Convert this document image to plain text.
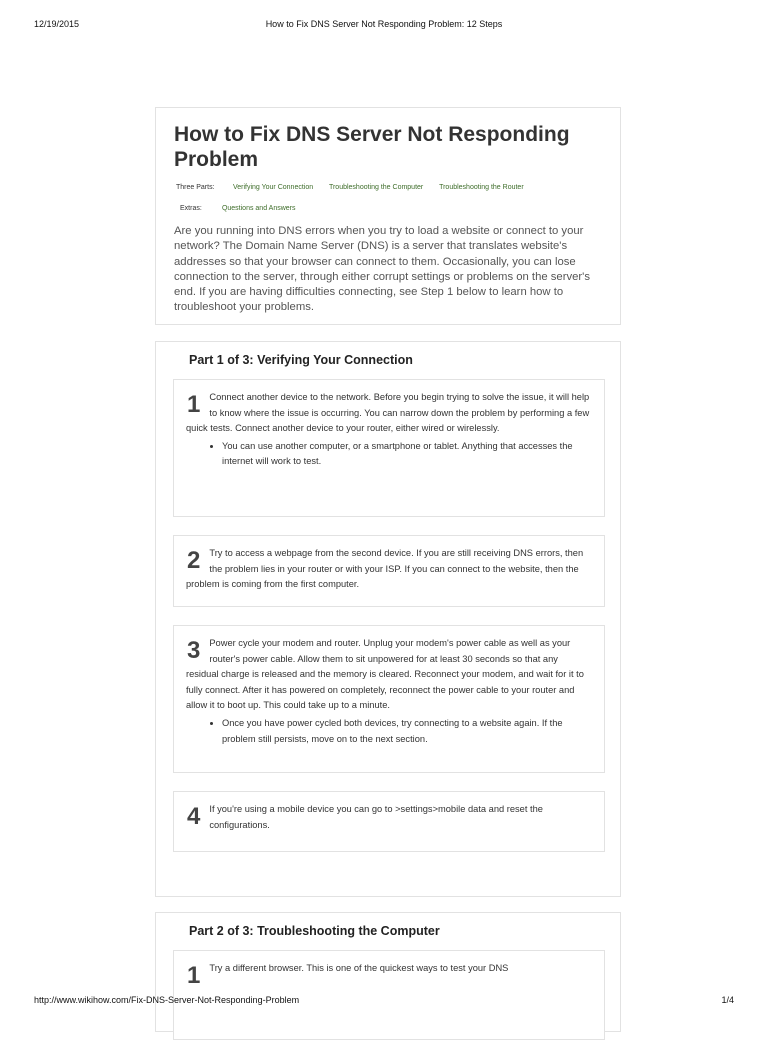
12/19/2015	How to Fix DNS Server Not Responding Problem: 12 Steps
How to Fix DNS Server Not Responding Problem
Three Parts:	Verifying Your Connection Troubleshooting the Computer Troubleshooting the Router
Extras:	Questions and Answers
Are you running into DNS errors when you try to load a website or connect to your network? The Domain Name Server (DNS) is a server that translates website's addresses so that your browser can connect to them. Occasionally, you can lose connection to the server, through either corrupt settings or problems on the server's end. If you are having difficulties connecting, see Step 1 below to learn how to troubleshoot your problems.
Part 1 of 3: Verifying Your Connection
1 Connect another device to the network. Before you begin trying to solve the issue, it will help to know where the issue is occurring. You can narrow down the problem by performing a few quick tests. Connect another device to your router, either wired or wirelessly.
• You can use another computer, or a smartphone or tablet. Anything that accesses the internet will work to test.
2 Try to access a webpage from the second device. If you are still receiving DNS errors, then the problem lies in your router or with your ISP. If you can connect to the website, then the problem is coming from the first computer.
3 Power cycle your modem and router. Unplug your modem's power cable as well as your router's power cable. Allow them to sit unpowered for at least 30 seconds so that any residual charge is released and the memory is cleared. Reconnect your modem, and wait for it to fully connect. After it has powered on completely, reconnect the power cable to your router and allow it to boot up. This could take up to a minute.
• Once you have power cycled both devices, try connecting to a website again. If the problem still persists, move on to the next section.
4 If you're using a mobile device you can go to >settings>mobile data and reset the configurations.
Part 2 of 3: Troubleshooting the Computer
1 Try a different browser. This is one of the quickest ways to test your DNS
http://www.wikihow.com/Fix-DNS-Server-Not-Responding-Problem	1/4
